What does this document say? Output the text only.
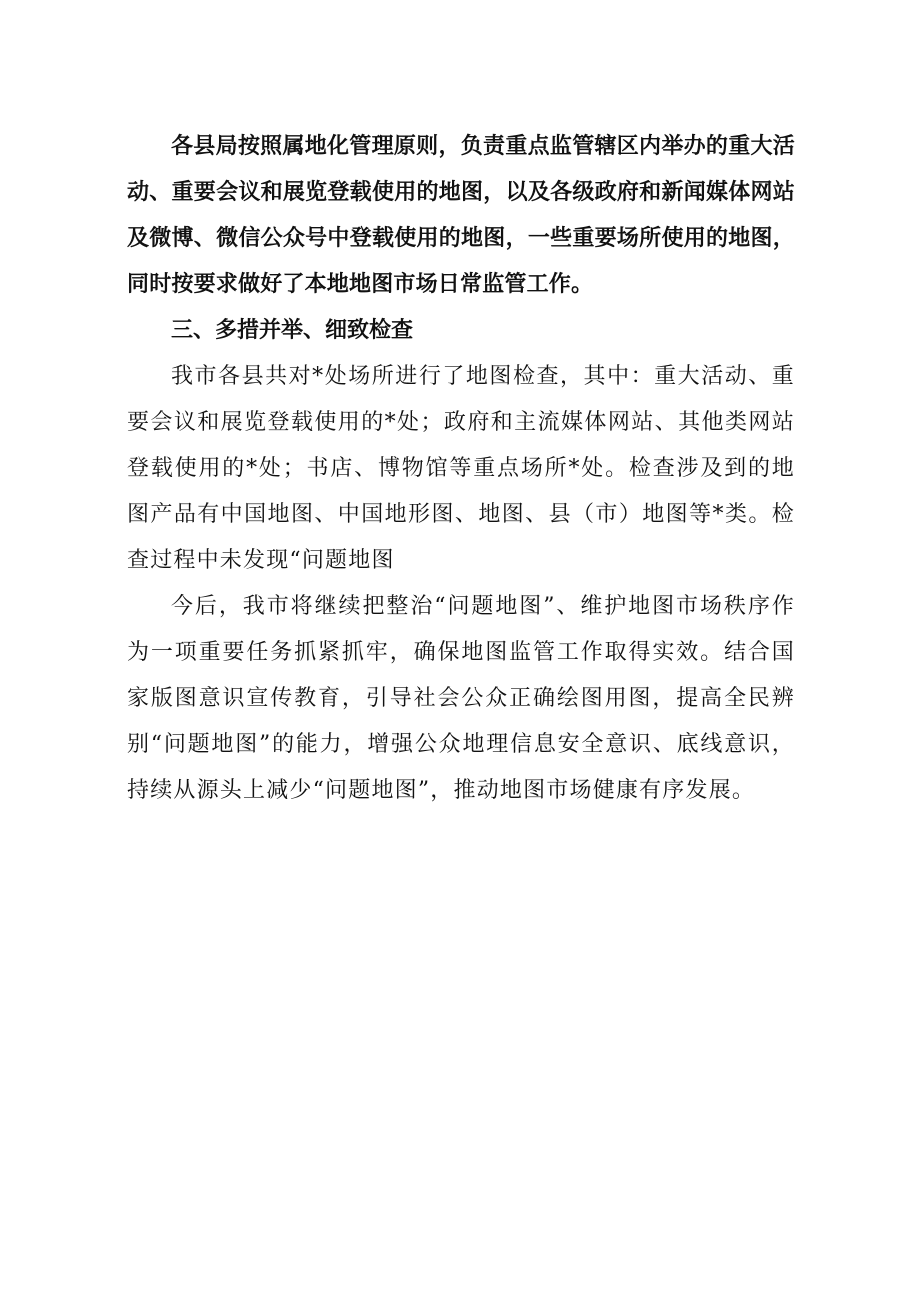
各县局按照属地化管理原则，负责重点监管辖区内举办的重大活动、重要会议和展览登载使用的地图，以及各级政府和新闻媒体网站及微博、微信公众号中登载使用的地图，一些重要场所使用的地图，同时按要求做好了本地地图市场日常监管工作。

三、多措并举、细致检查

我市各县共对*处场所进行了地图检查，其中：重大活动、重要会议和展览登载使用的*处；政府和主流媒体网站、其他类网站登载使用的*处；书店、博物馆等重点场所*处。检查涉及到的地图产品有中国地图、中国地形图、地图、县（市）地图等*类。检查过程中未发现“问题地图

今后，我市将继续把整治“问题地图”、维护地图市场秩序作为一项重要任务抓紧抓牢，确保地图监管工作取得实效。结合国家版图意识宣传教育，引导社会公众正确绘图用图，提高全民辨别“问题地图”的能力，增强公众地理信息安全意识、底线意识，持续从源头上减少“问题地图”，推动地图市场健康有序发展。
